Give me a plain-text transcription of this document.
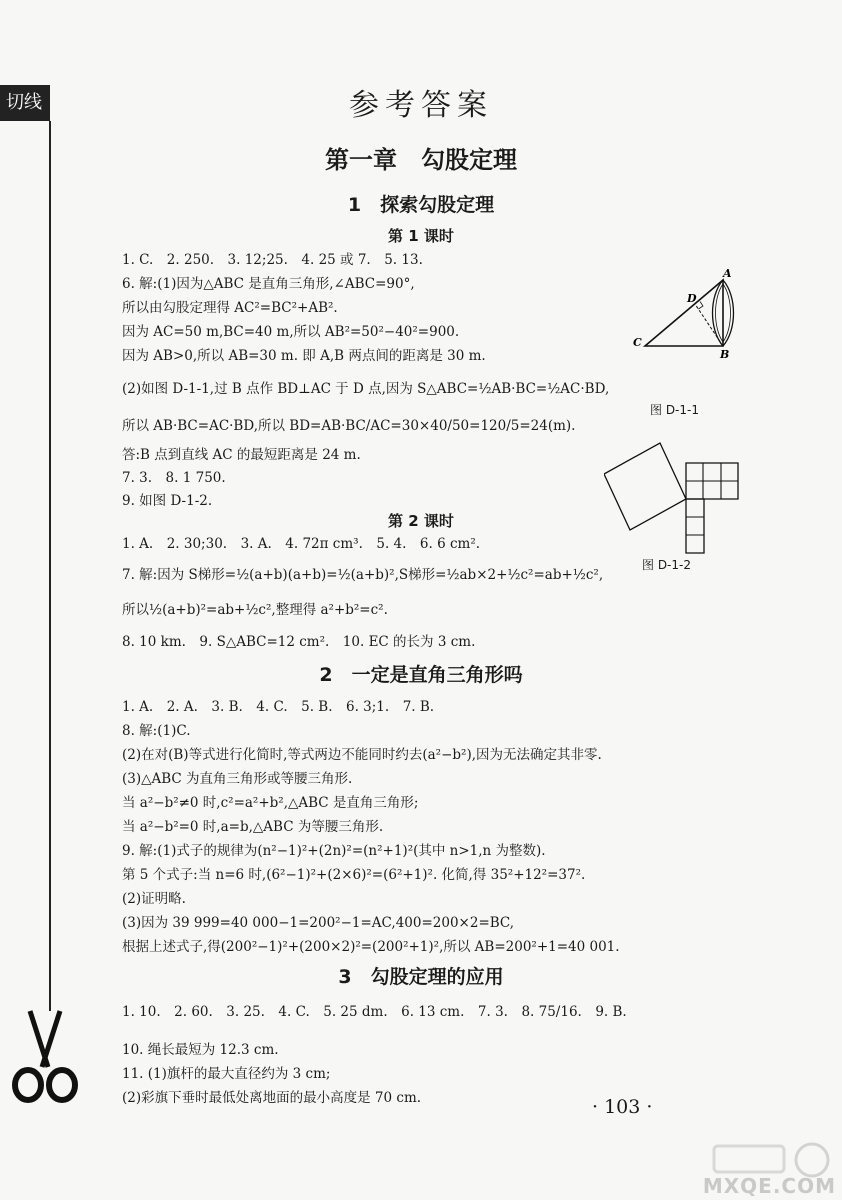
切线	参考答案
第一章　勾股定理
1　探索勾股定理
第 1 课时
1. C.　2. 250.　3. 12;25.　4. 25 或 7.　5. 13.
6. 解:(1)因为△ABC 是直角三角形,∠ABC=90°,
所以由勾股定理得 AC²=BC²+AB².
因为 AC=50 m,BC=40 m,所以 AB²=50²−40²=900.
因为 AB>0,所以 AB=30 m. 即 A,B 两点间的距离是 30 m.
(2)如图 D-1-1,过 B 点作 BD⊥AC 于 D 点,因为 S△ABC=½AB·BC=½AC·BD,
所以 AB·BC=AC·BD,所以 BD=AB·BC/AC=30×40/50=120/5=24(m).
答:B 点到直线 AC 的最短距离是 24 m.
7. 3.　8. 1 750.
9. 如图 D-1-2.
第 2 课时
1. A.　2. 30;30.　3. A.　4. 72π cm³.　5. 4.　6. 6 cm².
7. 解:因为 S梯形=½(a+b)(a+b)=½(a+b)²,S梯形=½ab×2+½c²=ab+½c²,
所以½(a+b)²=ab+½c²,整理得 a²+b²=c².
8. 10 km.　9. S△ABC=12 cm².　10. EC 的长为 3 cm.
2　一定是直角三角形吗
1. A.　2. A.　3. B.　4. C.　5. B.　6. 3;1.　7. B.
8. 解:(1)C.
(2)在对(B)等式进行化简时,等式两边不能同时约去(a²−b²),因为无法确定其非零.
(3)△ABC 为直角三角形或等腰三角形.
当 a²−b²≠0 时,c²=a²+b²,△ABC 是直角三角形;
当 a²−b²=0 时,a=b,△ABC 为等腰三角形.
9. 解:(1)式子的规律为(n²−1)²+(2n)²=(n²+1)²(其中 n>1,n 为整数).
第 5 个式子:当 n=6 时,(6²−1)²+(2×6)²=(6²+1)². 化简,得 35²+12²=37².
(2)证明略.
(3)因为 39 999=40 000−1=200²−1=AC,400=200×2=BC,
根据上述式子,得(200²−1)²+(200×2)²=(200²+1)²,所以 AB=200²+1=40 001.
3　勾股定理的应用
1. 10.　2. 60.　3. 25.　4. C.　5. 25 dm.　6. 13 cm.　7. 3.　8. 75/16.　9. B.
10. 绳长最短为 12.3 cm.
11. (1)旗杆的最大直径约为 3 cm;
(2)彩旗下垂时最低处离地面的最小高度是 70 cm.
A
B
C
D
图 D-1-1
图 D-1-2
· 103 ·
MXQE.COM
